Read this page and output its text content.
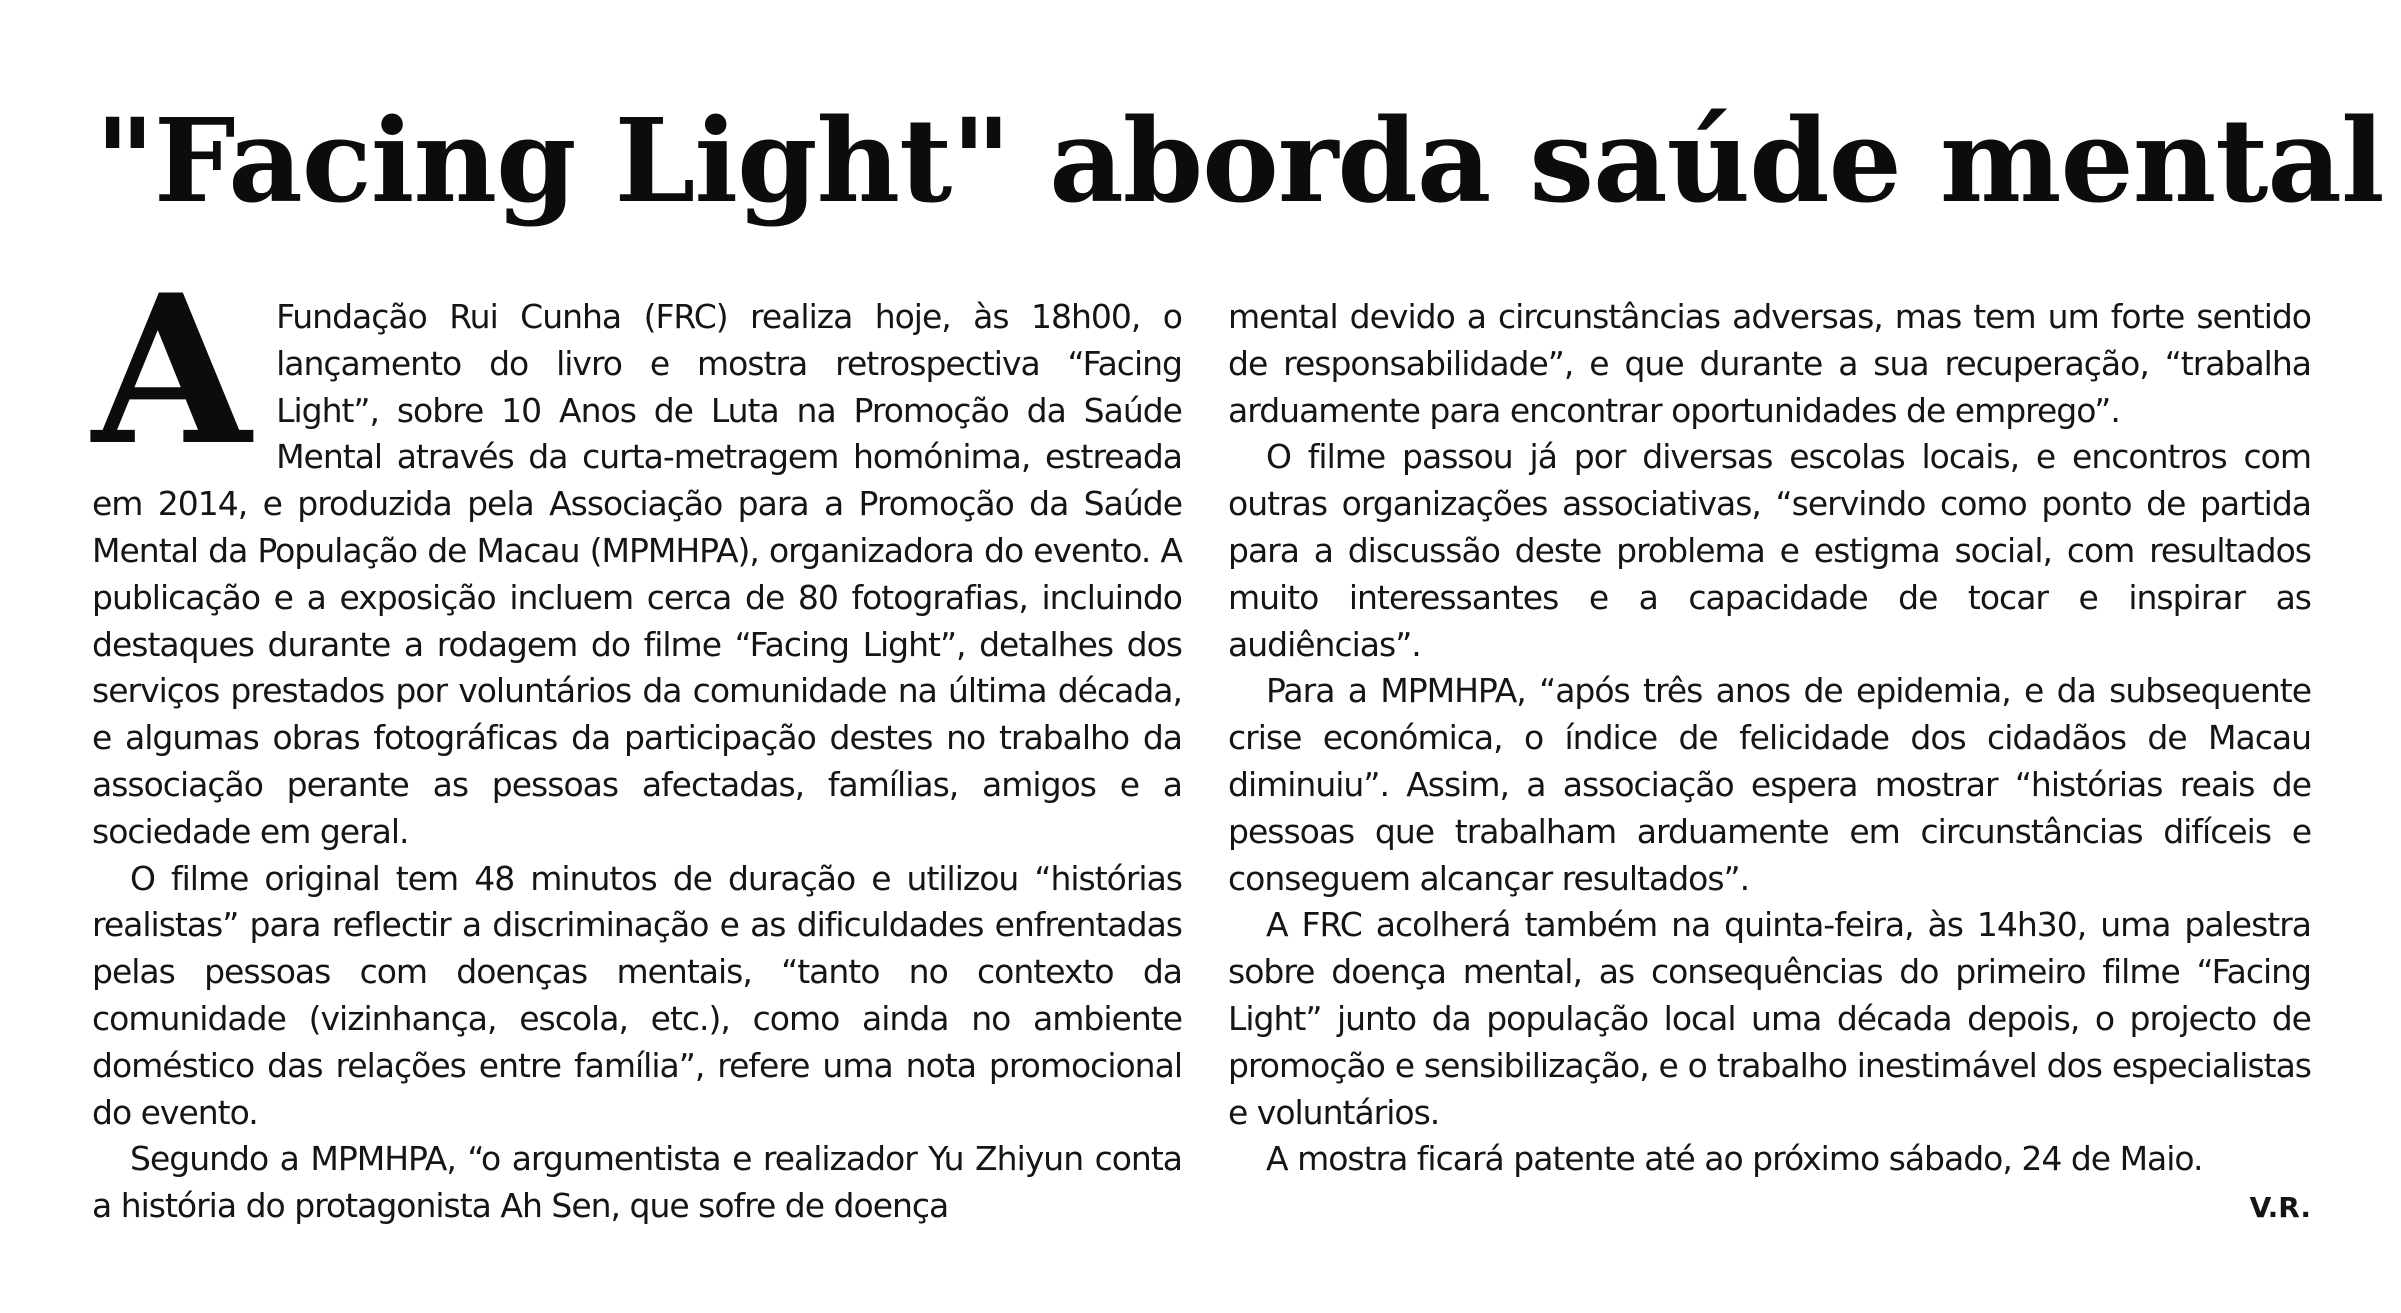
"Facing Light" aborda saúde mental

A Fundação Rui Cunha (FRC) realiza hoje, às 18h00, o lançamento do livro e mostra retrospectiva “Facing Light”, sobre 10 Anos de Luta na Promoção da Saúde Mental através da curta-metragem homónima, estreada em 2014, e produzida pela Associação para a Promoção da Saúde Mental da População de Macau (MPMHPA), organizadora do evento. A publicação e a exposição incluem cerca de 80 fotografias, incluindo destaques durante a rodagem do filme “Facing Light”, detalhes dos serviços prestados por voluntários da comunidade na última década, e algumas obras fotográficas da participação destes no trabalho da associação perante as pessoas afectadas, famílias, amigos e a sociedade em geral.

O filme original tem 48 minutos de duração e utilizou “histórias realistas” para reflectir a discriminação e as dificuldades enfrentadas pelas pessoas com doenças mentais, “tanto no contexto da comunidade (vizinhança, escola, etc.), como ainda no ambiente doméstico das relações entre família”, refere uma nota promocional do evento.

Segundo a MPMHPA, “o argumentista e realizador Yu Zhiyun conta a história do protagonista Ah Sen, que sofre de doença

mental devido a circunstâncias adversas, mas tem um forte sentido de responsabilidade”, e que durante a sua recuperação, “trabalha arduamente para encontrar oportunidades de emprego”.

O filme passou já por diversas escolas locais, e encontros com outras organizações associativas, “servindo como ponto de partida para a discussão deste problema e estigma social, com resultados muito interessantes e a capacidade de tocar e inspirar as audiências”.

Para a MPMHPA, “após três anos de epidemia, e da subsequente crise económica, o índice de felicidade dos cidadãos de Macau diminuiu”. Assim, a associação espera mostrar “histórias reais de pessoas que trabalham arduamente em circunstâncias difíceis e conseguem alcançar resultados”.

A FRC acolherá também na quinta-feira, às 14h30, uma palestra sobre doença mental, as consequências do primeiro filme “Facing Light” junto da população local uma década depois, o projecto de promoção e sensibilização, e o trabalho inestimável dos especialistas e voluntários.

A mostra ficará patente até ao próximo sábado, 24 de Maio.

V.R.
